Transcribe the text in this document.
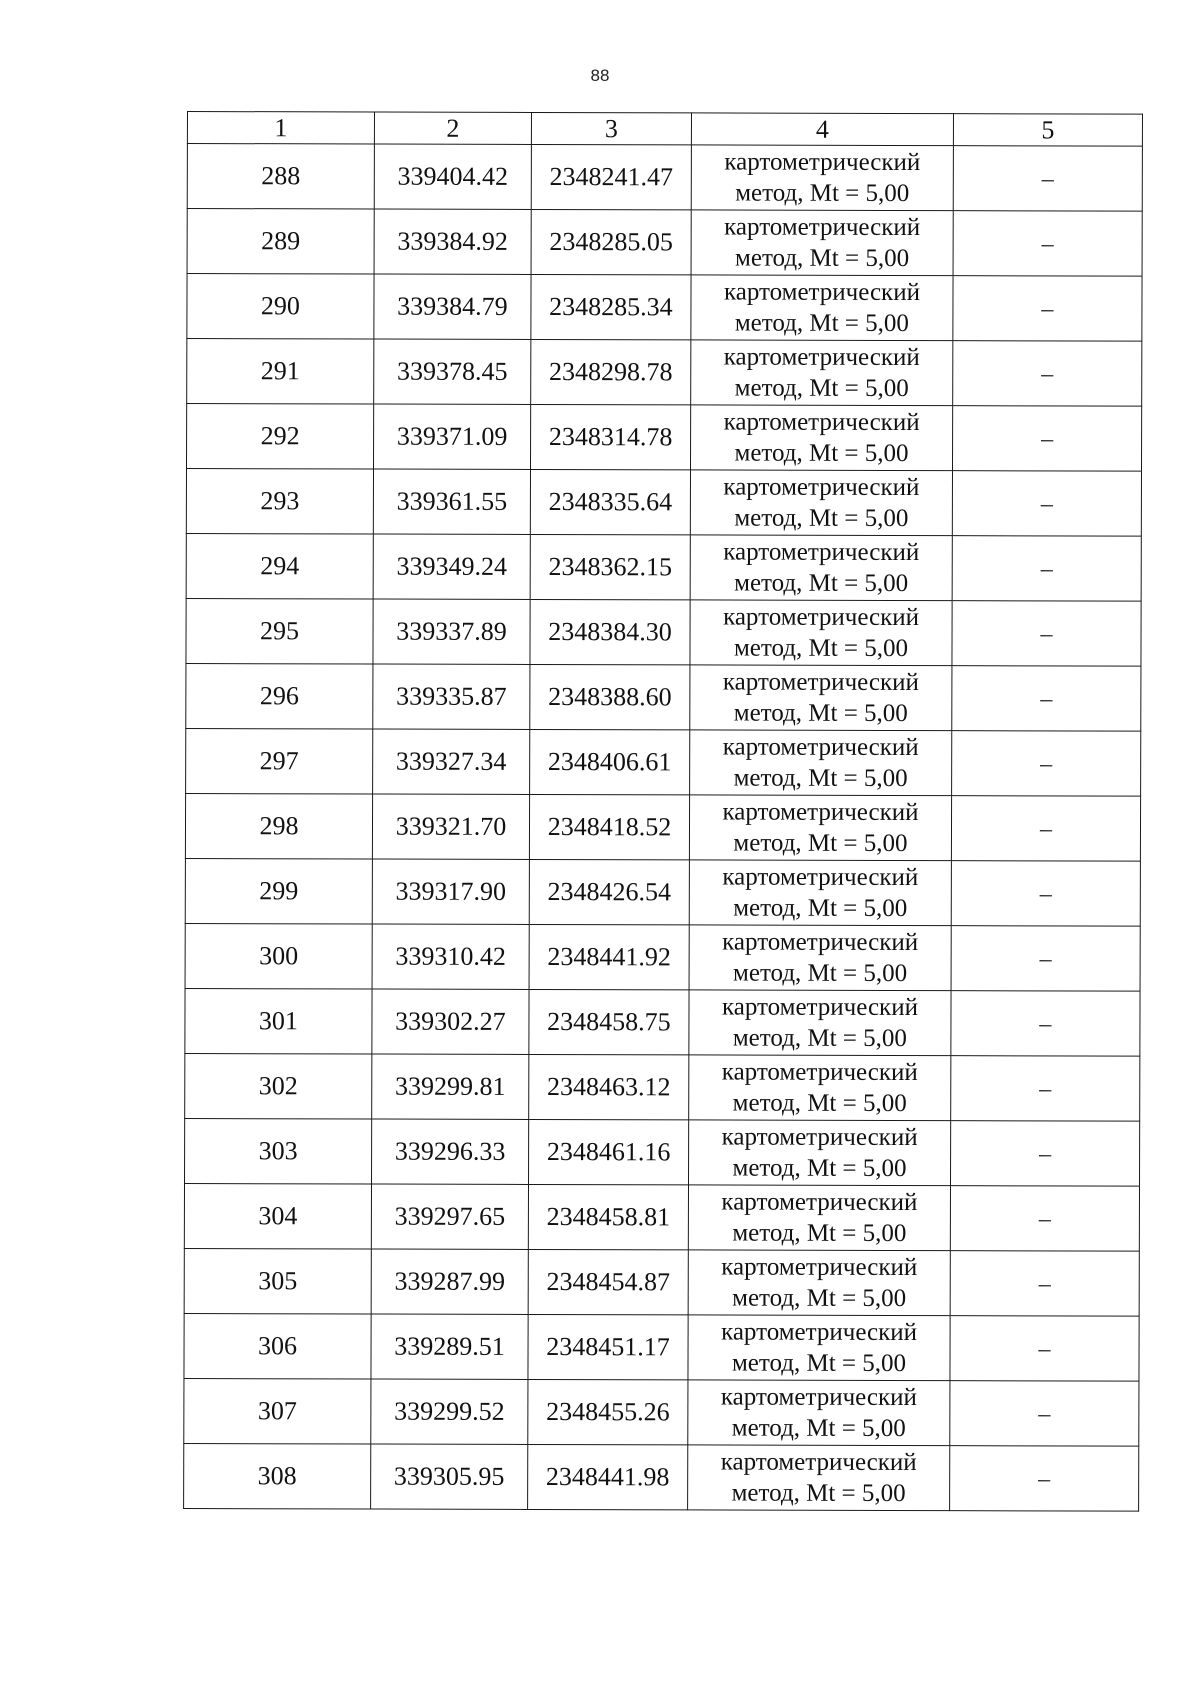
88
1	2	3	4	5
288	339404.42	2348241.47	картометрический
метод, Mt = 5,00	–
289	339384.92	2348285.05	картометрический
метод, Mt = 5,00	–
290	339384.79	2348285.34	картометрический
метод, Mt = 5,00	–
291	339378.45	2348298.78	картометрический
метод, Mt = 5,00	–
292	339371.09	2348314.78	картометрический
метод, Mt = 5,00	–
293	339361.55	2348335.64	картометрический
метод, Mt = 5,00	–
294	339349.24	2348362.15	картометрический
метод, Mt = 5,00	–
295	339337.89	2348384.30	картометрический
метод, Mt = 5,00	–
296	339335.87	2348388.60	картометрический
метод, Mt = 5,00	–
297	339327.34	2348406.61	картометрический
метод, Mt = 5,00	–
298	339321.70	2348418.52	картометрический
метод, Mt = 5,00	–
299	339317.90	2348426.54	картометрический
метод, Mt = 5,00	–
300	339310.42	2348441.92	картометрический
метод, Mt = 5,00	–
301	339302.27	2348458.75	картометрический
метод, Mt = 5,00	–
302	339299.81	2348463.12	картометрический
метод, Mt = 5,00	–
303	339296.33	2348461.16	картометрический
метод, Mt = 5,00	–
304	339297.65	2348458.81	картометрический
метод, Mt = 5,00	–
305	339287.99	2348454.87	картометрический
метод, Mt = 5,00	–
306	339289.51	2348451.17	картометрический
метод, Mt = 5,00	–
307	339299.52	2348455.26	картометрический
метод, Mt = 5,00	–
308	339305.95	2348441.98	картометрический
метод, Mt = 5,00	–
